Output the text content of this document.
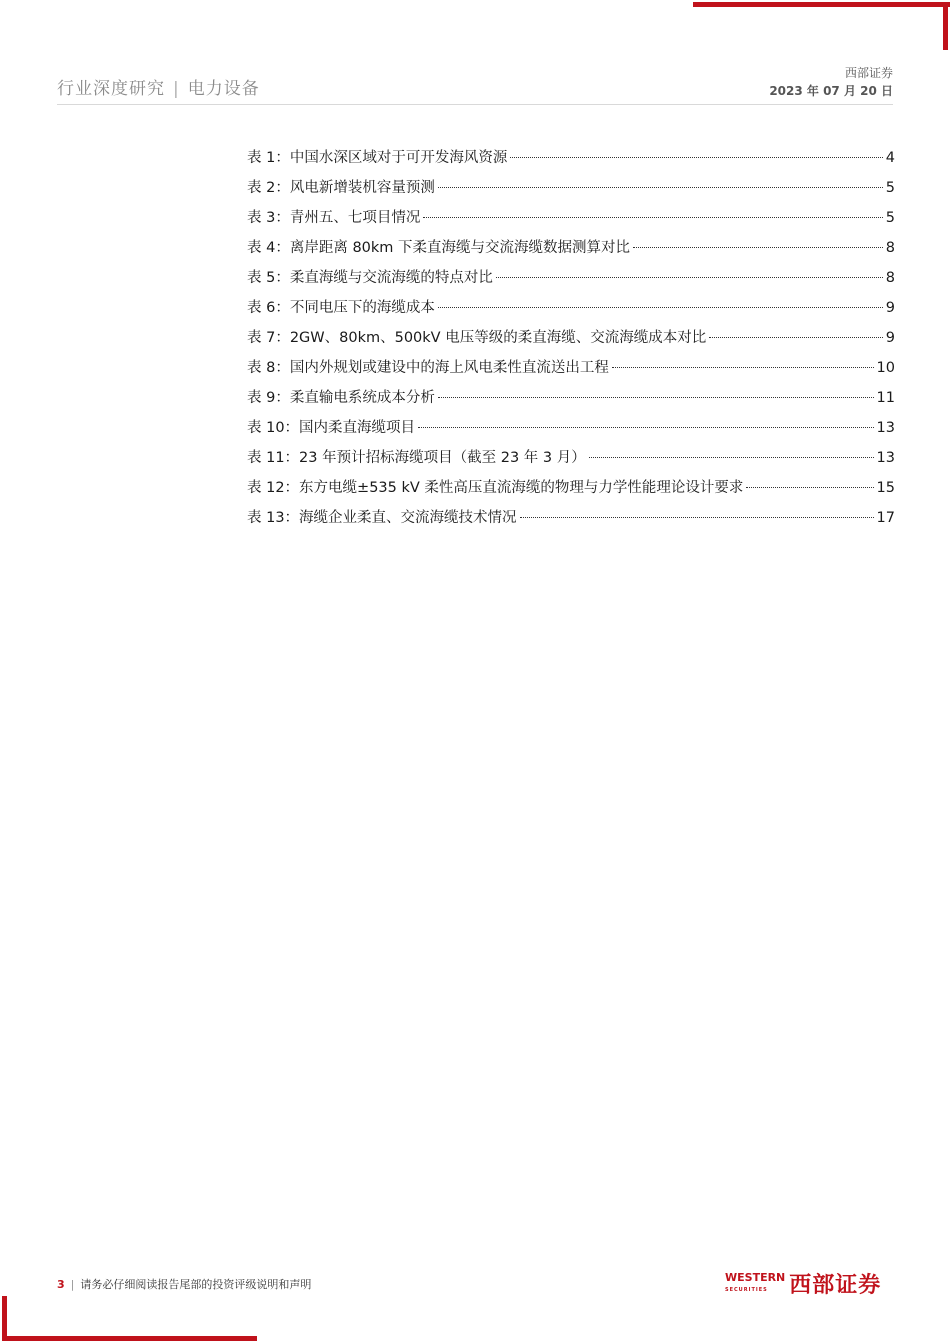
行业深度研究 | 电力设备
西部证券
2023 年 07 月 20 日
表 1：中国水深区域对于可开发海风资源	4
表 2：风电新增装机容量预测	5
表 3：青州五、七项目情况	5
表 4：离岸距离 80km 下柔直海缆与交流海缆数据测算对比	8
表 5：柔直海缆与交流海缆的特点对比	8
表 6：不同电压下的海缆成本	9
表 7：2GW、80km、500kV 电压等级的柔直海缆、交流海缆成本对比	9
表 8：国内外规划或建设中的海上风电柔性直流送出工程	10
表 9：柔直输电系统成本分析	11
表 10：国内柔直海缆项目	13
表 11：23 年预计招标海缆项目（截至 23 年 3 月）	13
表 12：东方电缆±535 kV 柔性高压直流海缆的物理与力学性能理论设计要求	15
表 13：海缆企业柔直、交流海缆技术情况	17
3 | 请务必仔细阅读报告尾部的投资评级说明和声明
WESTERN
SECURITIES 西部证券
